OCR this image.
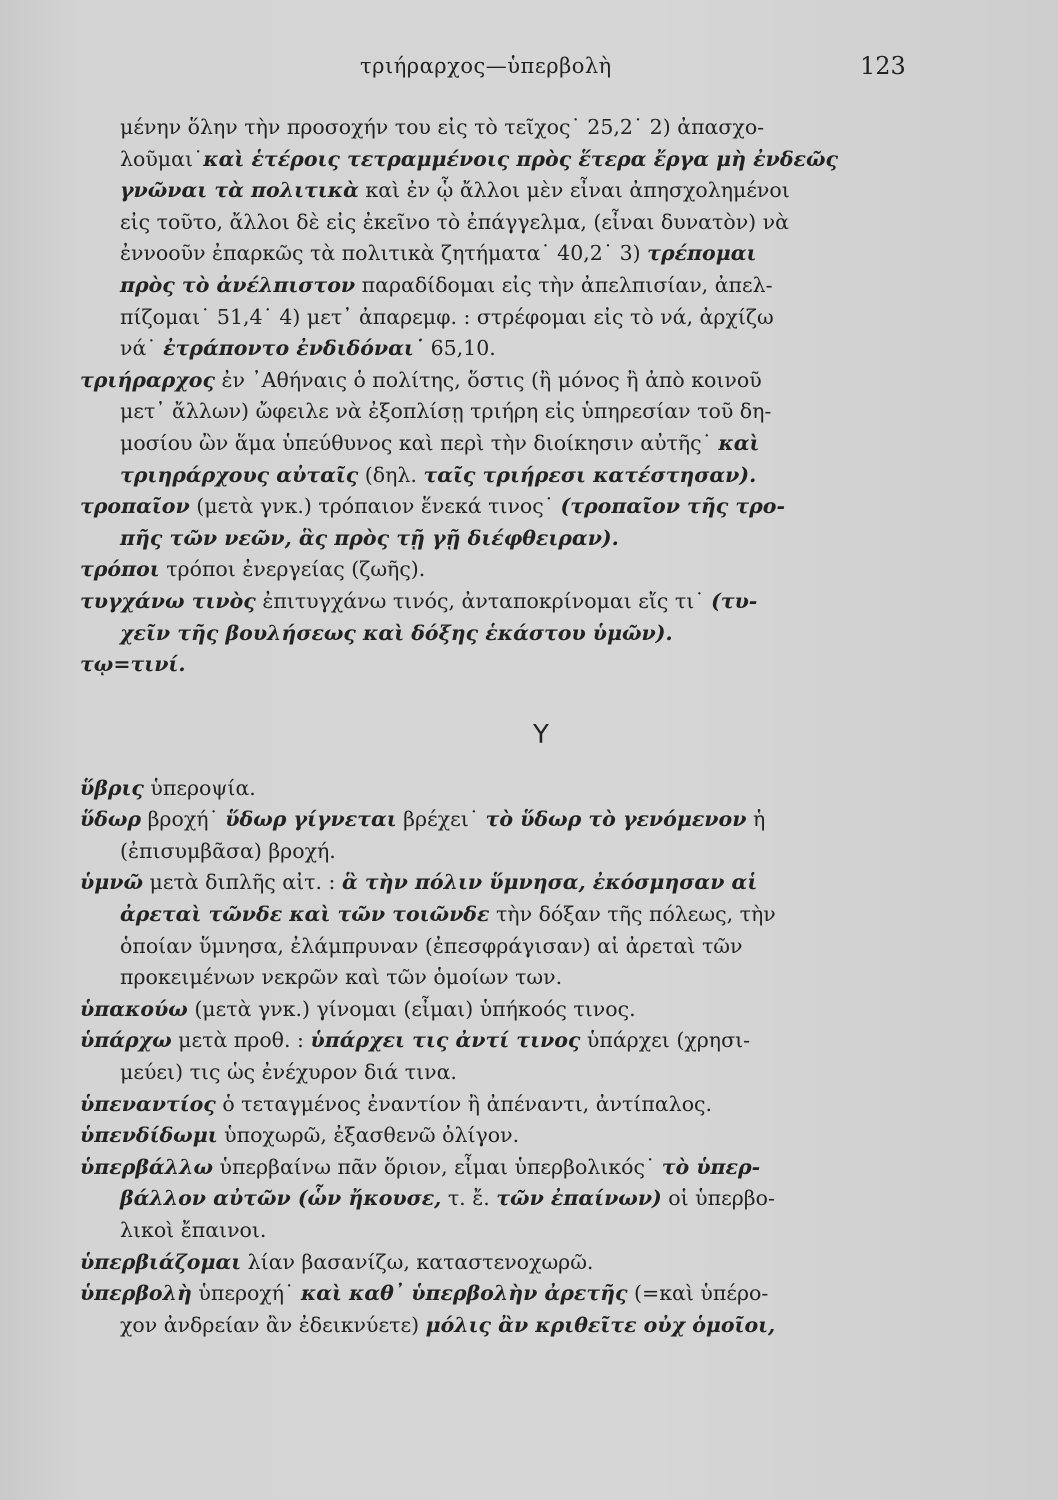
τριήραρχος—ὑπερβολὴ	123
μένην ὅλην τὴν προσοχήν του εἰς τὸ τεῖχος˙ 25,2˙ 2) ἀπασχο-
λοῦμαι˙καὶ ἑτέροις τετραμμένοις πρὸς ἕτερα ἔργα μὴ ἐνδεῶς
γνῶναι τὰ πολιτικὰ καὶ ἐν ᾧ ἄλλοι μὲν εἶναι ἀπησχολημένοι
εἰς τοῦτο, ἄλλοι δὲ εἰς ἐκεῖνο τὸ ἐπάγγελμα, (εἶναι δυνατὸν) νὰ
ἐννοοῦν ἐπαρκῶς τὰ πολιτικὰ ζητήματα˙ 40,2˙ 3) τρέπομαι
πρὸς τὸ ἀνέλπιστον παραδίδομαι εἰς τὴν ἀπελπισίαν, ἀπελ-
πίζομαι˙ 51,4˙ 4) μετ᾿ ἀπαρεμφ. : στρέφομαι εἰς τὸ νά, ἀρχίζω
νά˙ ἐτράποντο ἐνδιδόναι˙ 65,10.
τριήραρχος ἐν ᾿Αθήναις ὁ πολίτης, ὅστις (ἢ μόνος ἢ ἀπὸ κοινοῦ
μετ᾿ ἄλλων) ὤφειλε νὰ ἐξοπλίσῃ τριήρη εἰς ὑπηρεσίαν τοῦ δη-
μοσίου ὢν ἅμα ὑπεύθυνος καὶ περὶ τὴν διοίκησιν αὐτῆς˙ καὶ
τριηράρχους αὐταῖς (δηλ. ταῖς τριήρεσι κατέστησαν).
τροπαῖον (μετὰ γνκ.) τρόπαιον ἕνεκά τινος˙ (τροπαῖον τῆς τρο-
πῆς τῶν νεῶν, ἃς πρὸς τῇ γῇ διέφθειραν).
τρόποι τρόποι ἐνεργείας (ζωῆς).
τυγχάνω τινὸς ἐπιτυγχάνω τινός, ἀνταποκρίνομαι εἴς τι˙ (τυ-
χεῖν τῆς βουλήσεως καὶ δόξης ἑκάστου ὑμῶν).
τῳ=τινί.
Υ
ὕβρις ὑπεροψία.
ὕδωρ βροχή˙ ὕδωρ γίγνεται βρέχει˙ τὸ ὕδωρ τὸ γενόμενον ἡ
(ἐπισυμβᾶσα) βροχή.
ὑμνῶ μετὰ διπλῆς αἰτ. : ἃ τὴν πόλιν ὕμνησα, ἐκόσμησαν αἱ
ἀρεταὶ τῶνδε καὶ τῶν τοιῶνδε τὴν δόξαν τῆς πόλεως, τὴν
ὁποίαν ὕμνησα, ἐλάμπρυναν (ἐπεσφράγισαν) αἱ ἀρεταὶ τῶν
προκειμένων νεκρῶν καὶ τῶν ὁμοίων των.
ὑπακούω (μετὰ γνκ.) γίνομαι (εἶμαι) ὑπήκοός τινος.
ὑπάρχω μετὰ προθ. : ὑπάρχει τις ἀντί τινος ὑπάρχει (χρησι-
μεύει) τις ὡς ἐνέχυρον διά τινα.
ὑπεναντίος ὁ τεταγμένος ἐναντίον ἢ ἀπέναντι, ἀντίπαλος.
ὑπενδίδωμι ὑποχωρῶ, ἐξασθενῶ ὀλίγον.
ὑπερβάλλω ὑπερβαίνω πᾶν ὅριον, εἶμαι ὑπερβολικός˙ τὸ ὑπερ-
βάλλον αὐτῶν (ὧν ἤκουσε, τ. ἔ. τῶν ἐπαίνων) οἱ ὑπερβο-
λικοὶ ἔπαινοι.
ὑπερβιάζομαι λίαν βασανίζω, καταστενοχωρῶ.
ὑπερβολὴ ὑπεροχή˙ καὶ καθ᾿ ὑπερβολὴν ἀρετῆς (=καὶ ὑπέρο-
χον ἀνδρείαν ἂν ἐδεικνύετε) μόλις ἂν κριθεῖτε οὐχ ὁμοῖοι,
